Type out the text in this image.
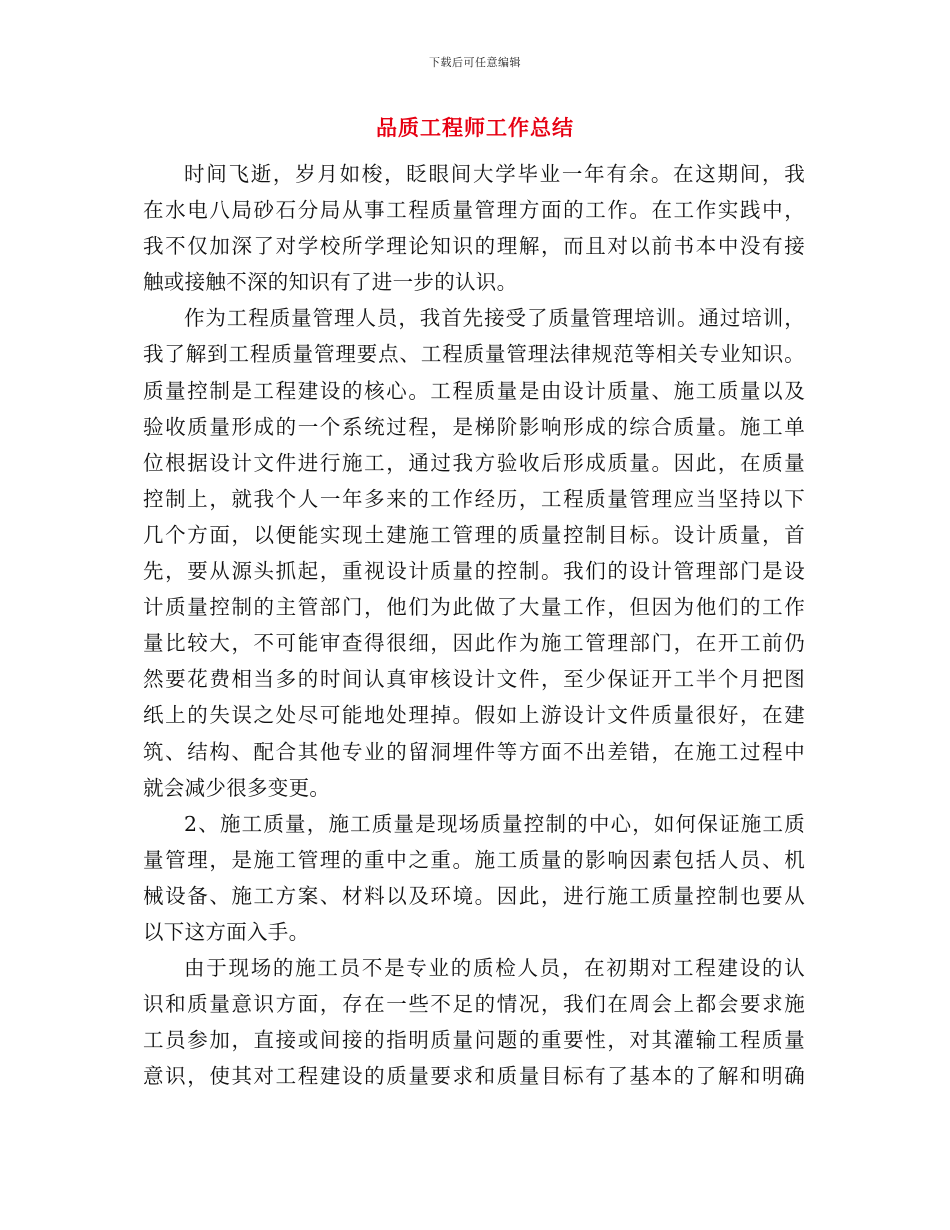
下载后可任意编辑
品质工程师工作总结

时间飞逝，岁月如梭，眨眼间大学毕业一年有余。在这期间，我
在水电八局砂石分局从事工程质量管理方面的工作。在工作实践中，
我不仅加深了对学校所学理论知识的理解，而且对以前书本中没有接
触或接触不深的知识有了进一步的认识。

作为工程质量管理人员，我首先接受了质量管理培训。通过培训，
我了解到工程质量管理要点、工程质量管理法律规范等相关专业知识。
质量控制是工程建设的核心。工程质量是由设计质量、施工质量以及
验收质量形成的一个系统过程，是梯阶影响形成的综合质量。施工单
位根据设计文件进行施工，通过我方验收后形成质量。因此，在质量
控制上，就我个人一年多来的工作经历，工程质量管理应当坚持以下
几个方面，以便能实现土建施工管理的质量控制目标。设计质量，首
先，要从源头抓起，重视设计质量的控制。我们的设计管理部门是设
计质量控制的主管部门，他们为此做了大量工作，但因为他们的工作
量比较大，不可能审查得很细，因此作为施工管理部门，在开工前仍
然要花费相当多的时间认真审核设计文件，至少保证开工半个月把图
纸上的失误之处尽可能地处理掉。假如上游设计文件质量很好，在建
筑、结构、配合其他专业的留洞埋件等方面不出差错，在施工过程中
就会减少很多变更。

2、施工质量，施工质量是现场质量控制的中心，如何保证施工质
量管理，是施工管理的重中之重。施工质量的影响因素包括人员、机
械设备、施工方案、材料以及环境。因此，进行施工质量控制也要从
以下这方面入手。

由于现场的施工员不是专业的质检人员，在初期对工程建设的认
识和质量意识方面，存在一些不足的情况，我们在周会上都会要求施
工员参加，直接或间接的指明质量问题的重要性，对其灌输工程质量
意识，使其对工程建设的质量要求和质量目标有了基本的了解和明确
